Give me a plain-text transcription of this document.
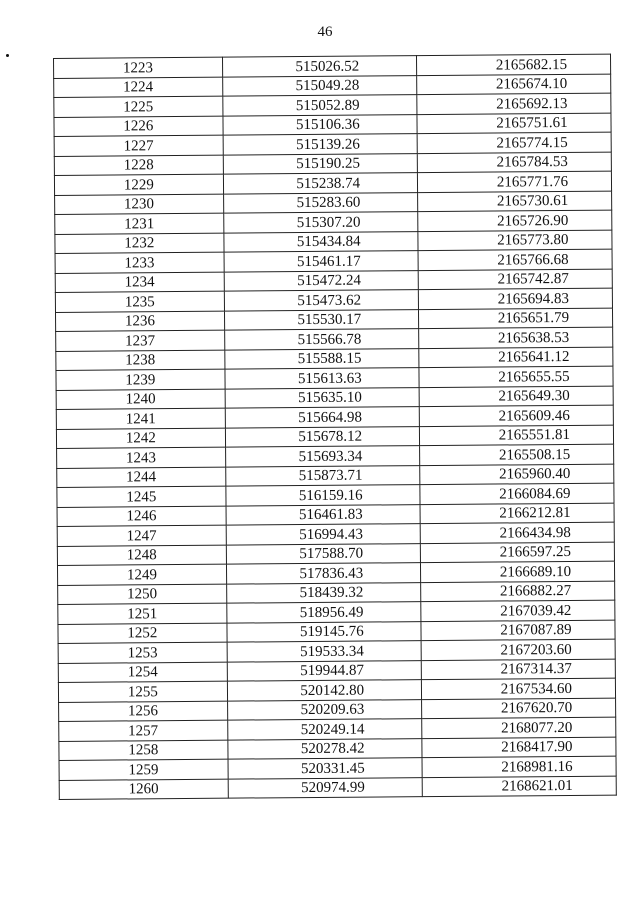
46
1223	515026.52	2165682.15
1224	515049.28	2165674.10
1225	515052.89	2165692.13
1226	515106.36	2165751.61
1227	515139.26	2165774.15
1228	515190.25	2165784.53
1229	515238.74	2165771.76
1230	515283.60	2165730.61
1231	515307.20	2165726.90
1232	515434.84	2165773.80
1233	515461.17	2165766.68
1234	515472.24	2165742.87
1235	515473.62	2165694.83
1236	515530.17	2165651.79
1237	515566.78	2165638.53
1238	515588.15	2165641.12
1239	515613.63	2165655.55
1240	515635.10	2165649.30
1241	515664.98	2165609.46
1242	515678.12	2165551.81
1243	515693.34	2165508.15
1244	515873.71	2165960.40
1245	516159.16	2166084.69
1246	516461.83	2166212.81
1247	516994.43	2166434.98
1248	517588.70	2166597.25
1249	517836.43	2166689.10
1250	518439.32	2166882.27
1251	518956.49	2167039.42
1252	519145.76	2167087.89
1253	519533.34	2167203.60
1254	519944.87	2167314.37
1255	520142.80	2167534.60
1256	520209.63	2167620.70
1257	520249.14	2168077.20
1258	520278.42	2168417.90
1259	520331.45	2168981.16
1260	520974.99	2168621.01
